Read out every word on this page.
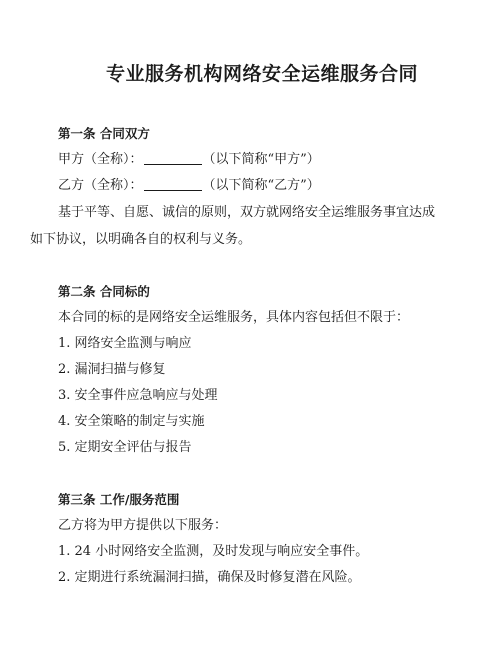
专业服务机构网络安全运维服务合同
第一条 合同双方
甲方（全称）：	（以下简称“甲方”）
乙方（全称）：	（以下简称“乙方”）
基于平等、自愿、诚信的原则，双方就网络安全运维服务事宜达成如下协议，以明确各自的权利与义务。
第二条 合同标的
本合同的标的是网络安全运维服务，具体内容包括但不限于：
1. 网络安全监测与响应
2. 漏洞扫描与修复
3. 安全事件应急响应与处理
4. 安全策略的制定与实施
5. 定期安全评估与报告
第三条 工作/服务范围
乙方将为甲方提供以下服务：
1. 24 小时网络安全监测，及时发现与响应安全事件。
2. 定期进行系统漏洞扫描，确保及时修复潜在风险。
